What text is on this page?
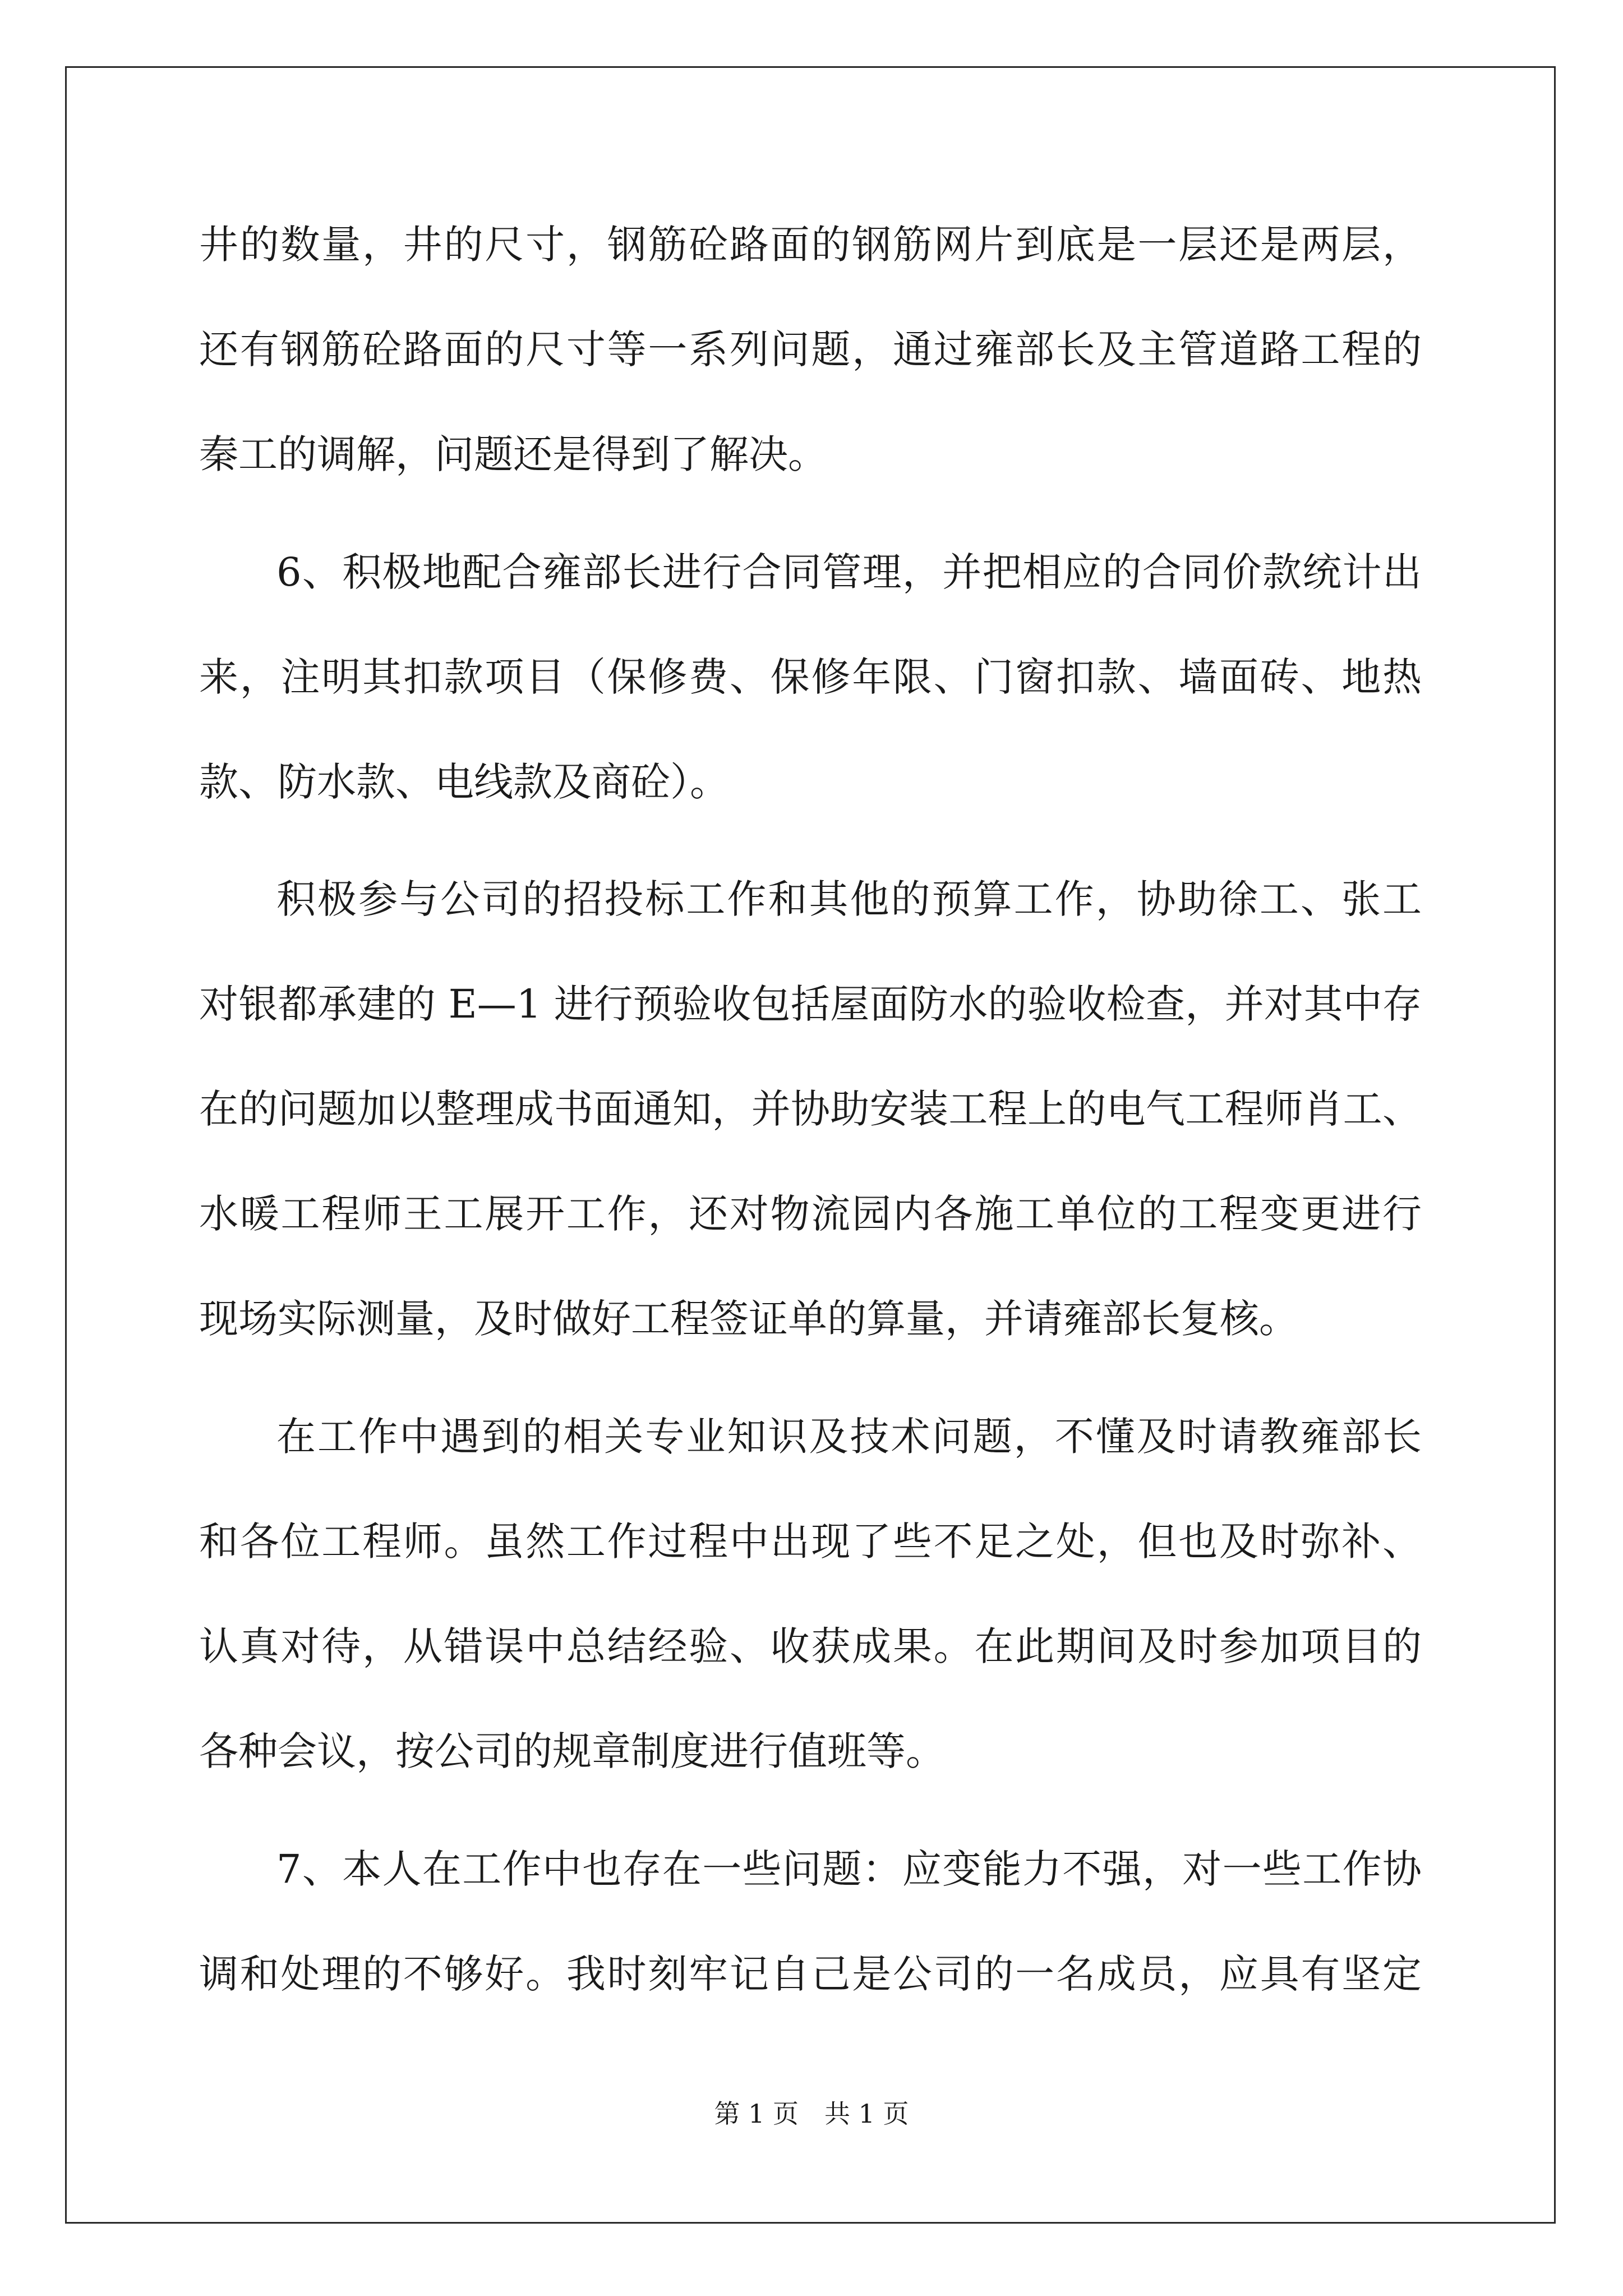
井的数量，井的尺寸，钢筋砼路面的钢筋网片到底是一层还是两层，
还有钢筋砼路面的尺寸等一系列问题，通过雍部长及主管道路工程的
秦工的调解，问题还是得到了解决。
6、积极地配合雍部长进行合同管理，并把相应的合同价款统计出
来，注明其扣款项目（保修费、保修年限、门窗扣款、墙面砖、地热
款、防水款、电线款及商砼）。
积极参与公司的招投标工作和其他的预算工作，协助徐工、张工
对银都承建的 E—1 进行预验收包括屋面防水的验收检查，并对其中存
在的问题加以整理成书面通知，并协助安装工程上的电气工程师肖工、
水暖工程师王工展开工作，还对物流园内各施工单位的工程变更进行
现场实际测量，及时做好工程签证单的算量，并请雍部长复核。
在工作中遇到的相关专业知识及技术问题，不懂及时请教雍部长
和各位工程师。虽然工作过程中出现了些不足之处，但也及时弥补、
认真对待，从错误中总结经验、收获成果。在此期间及时参加项目的
各种会议，按公司的规章制度进行值班等。
7、本人在工作中也存在一些问题：应变能力不强，对一些工作协
调和处理的不够好。我时刻牢记自己是公司的一名成员，应具有坚定
第 1 页　共 1 页
